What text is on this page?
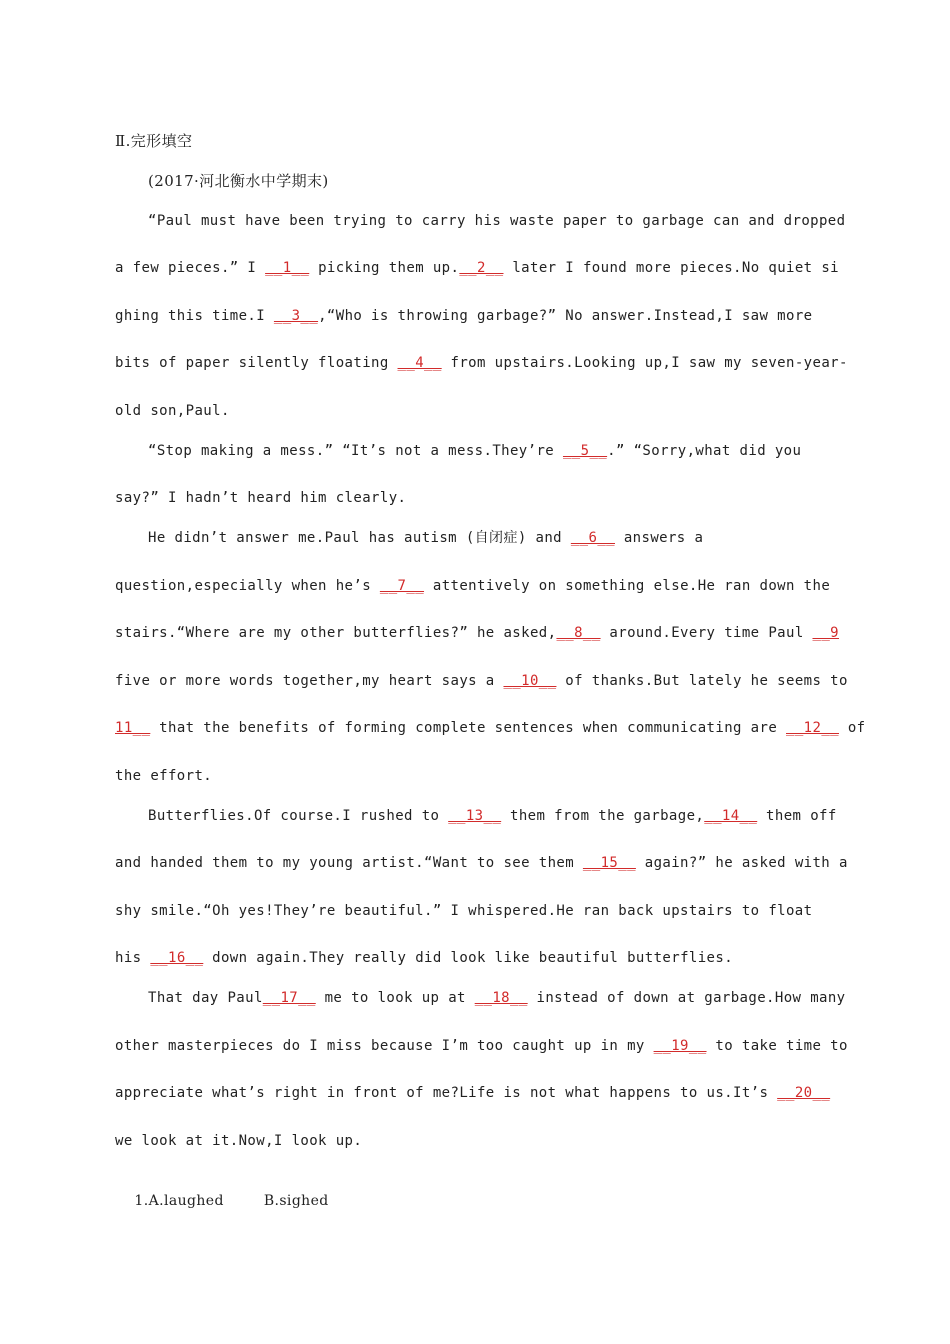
Ⅱ.完形填空
(2017·河北衡水中学期末)
“Paul must have been trying to carry his waste paper to garbage can and dropped
a few pieces.” I __1__ picking them up.__2__ later I found more pieces.No quiet si
ghing this time.I __3__,“Who is throwing garbage?” No answer.Instead,I saw more
bits of paper silently floating __4__ from upstairs.Looking up,I saw my seven-year-
old son,Paul.
“Stop making a mess.” “It’s not a mess.They’re __5__.” “Sorry,what did you
say?” I hadn’t heard him clearly.
He didn’t answer me.Paul has autism (自闭症) and __6__ answers a
question,especially when he’s __7__ attentively on something else.He ran down the
stairs.“Where are my other butterflies?” he asked,__8__ around.Every time Paul __9
five or more words together,my heart says a __10__ of thanks.But lately he seems to
11__ that the benefits of forming complete sentences when communicating are __12__ of
the effort.
Butterflies.Of course.I rushed to __13__ them from the garbage,__14__ them off
and handed them to my young artist.“Want to see them __15__ again?” he asked with a
shy smile.“Oh yes!They’re beautiful.” I whispered.He ran back upstairs to float
his __16__ down again.They really did look like beautiful butterflies.
That day Paul__17__ me to look up at __18__ instead of down at garbage.How many
other masterpieces do I miss because I’m too caught up in my __19__ to take time to
appreciate what’s right in front of me?Life is not what happens to us.It’s __20__
we look at it.Now,I look up.

1.A.laughed	B.sighed
